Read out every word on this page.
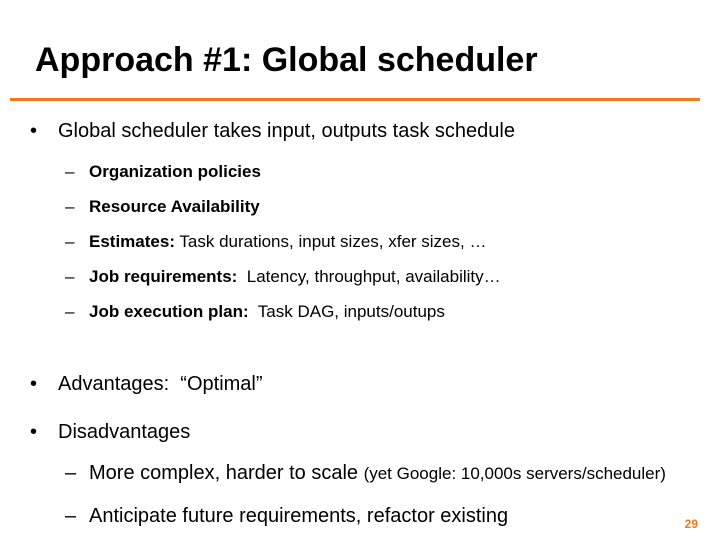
Approach #1: Global scheduler
• Global scheduler takes input, outputs task schedule
– Organization policies
– Resource Availability
– Estimates: Task durations, input sizes, xfer sizes, …
– Job requirements:  Latency, throughput, availability…
– Job execution plan:  Task DAG, inputs/outups
• Advantages:  “Optimal”
• Disadvantages
– More complex, harder to scale (yet Google: 10,000s servers/scheduler)
– Anticipate future requirements, refactor existing	29
